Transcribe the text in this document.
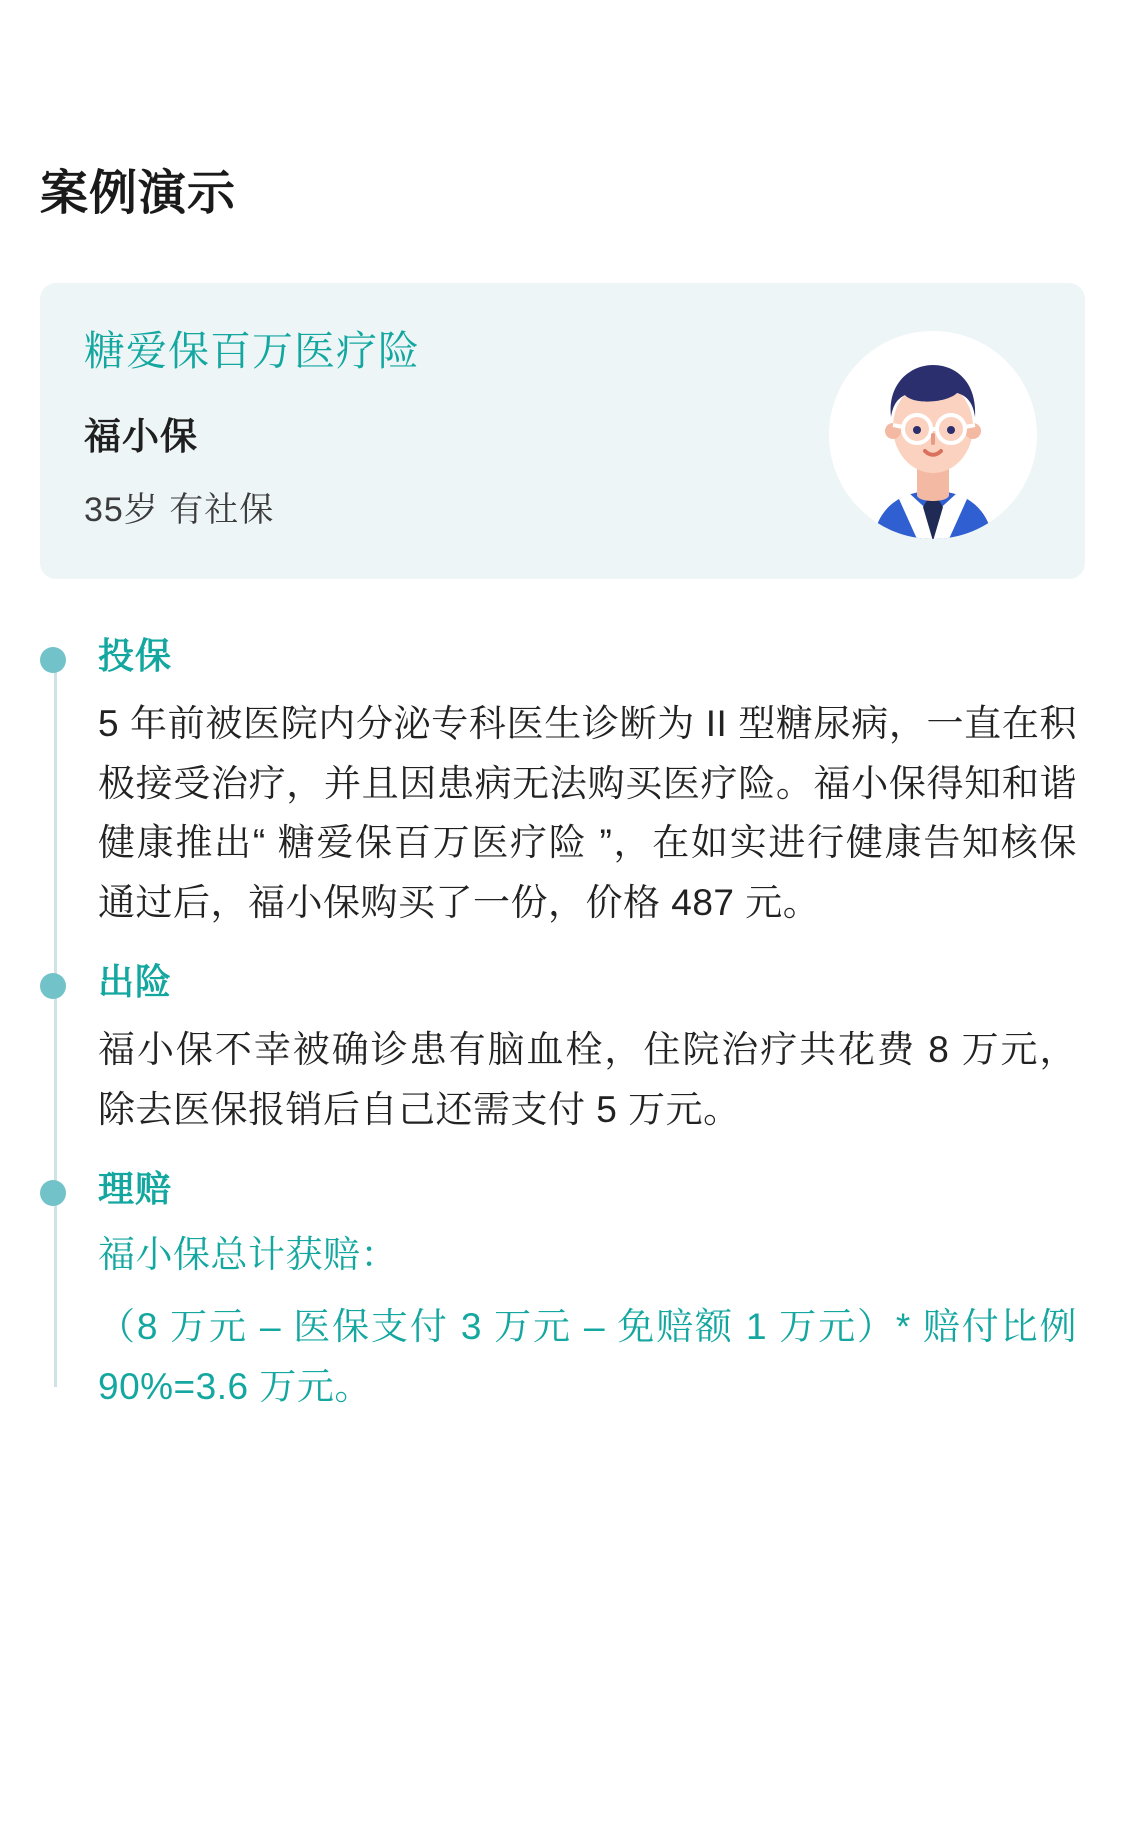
案例演示
糖爱保百万医疗险
福小保
35岁 有社保
投保
5 年前被医院内分泌专科医生诊断为 II 型糖尿病，一直在积极接受治疗，并且因患病无法购买医疗险。福小保得知和谐健康推出“ 糖爱保百万医疗险 ”，在如实进行健康告知核保通过后，福小保购买了一份，价格 487 元。
出险
福小保不幸被确诊患有脑血栓，住院治疗共花费 8 万元，除去医保报销后自己还需支付 5 万元。
理赔
福小保总计获赔：
（8 万元 – 医保支付 3 万元 – 免赔额 1 万元）* 赔付比例 90%=3.6 万元。
